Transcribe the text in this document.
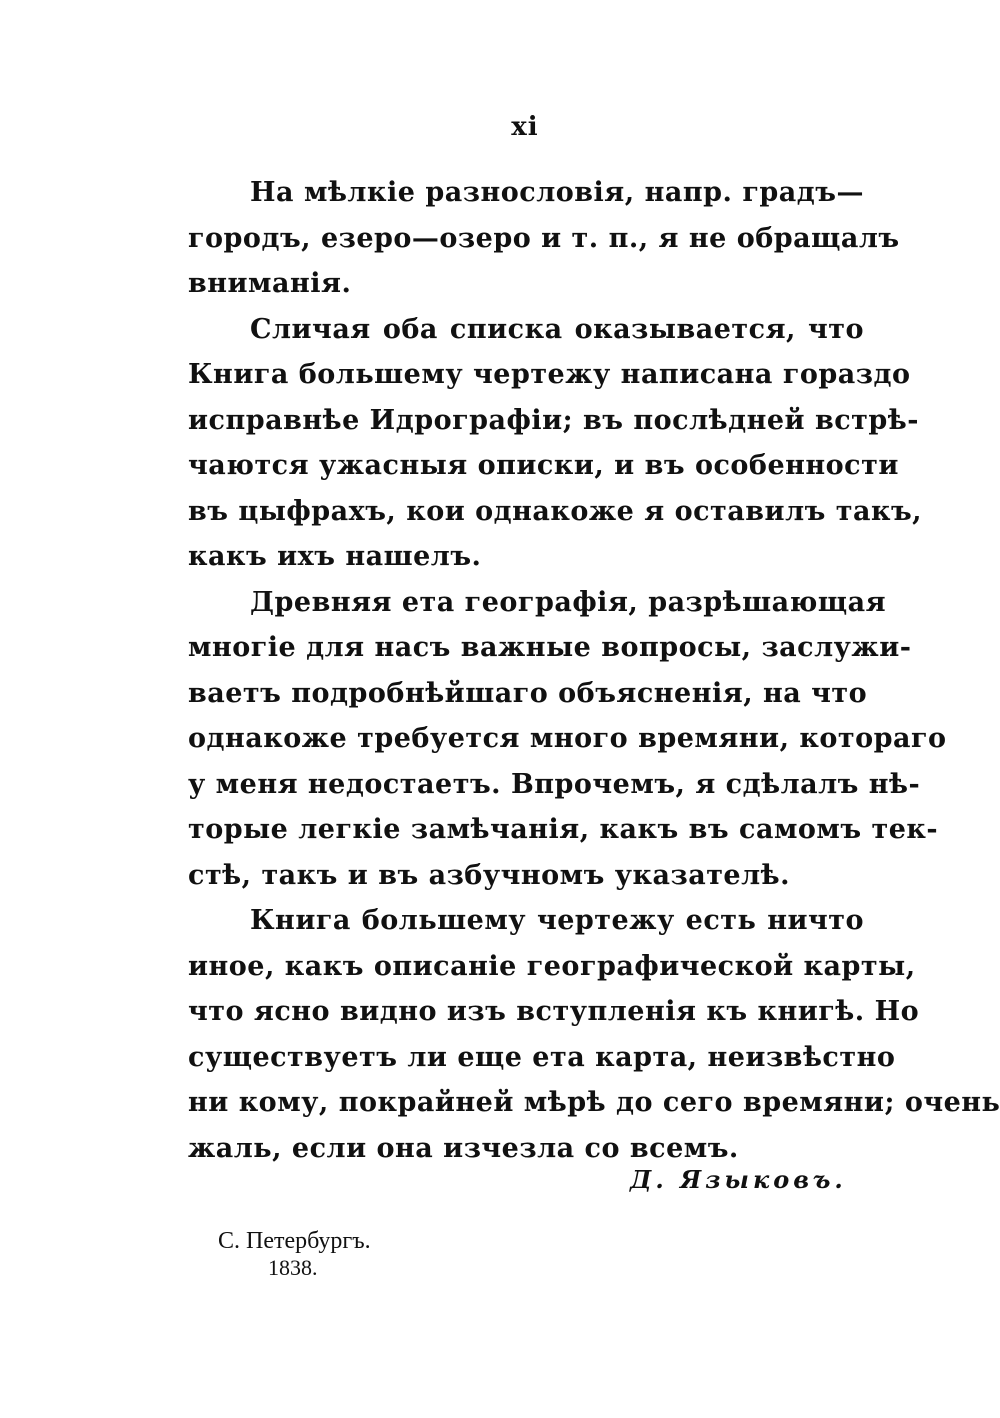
xi
На мѣлкіе разнословія, напр. градъ—
городъ, езеро—озеро и т. п., я не обращалъ
вниманія.
Сличая оба списка оказывается, что
Книга большему чертежу написана гораздо
исправнѣе Идрографіи; въ послѣдней встрѣ-
чаются ужасныя описки, и въ особенности
въ цыфрахъ, кои однакоже я оставилъ такъ,
какъ ихъ нашелъ.
Древняя ета географія, разрѣшающая
многіе для насъ важные вопросы, заслужи-
ваетъ подробнѣйшаго объясненія, на что
однакоже требуется много времяни, котораго
у меня недостаетъ. Впрочемъ, я сдѣлалъ нѣ-
торые легкіе замѣчанія, какъ въ самомъ тек-
стѣ, такъ и въ азбучномъ указателѣ.
Книга большему чертежу есть ничто
иное, какъ описаніе географической карты,
что ясно видно изъ вступленія къ книгѣ. Но
существуетъ ли еще ета карта, неизвѣстно
ни кому, покрайней мѣрѣ до сего времяни; очень
жаль, если она изчезла со всемъ.
Д. Языковъ.
С. Петербургъ.
1838.
